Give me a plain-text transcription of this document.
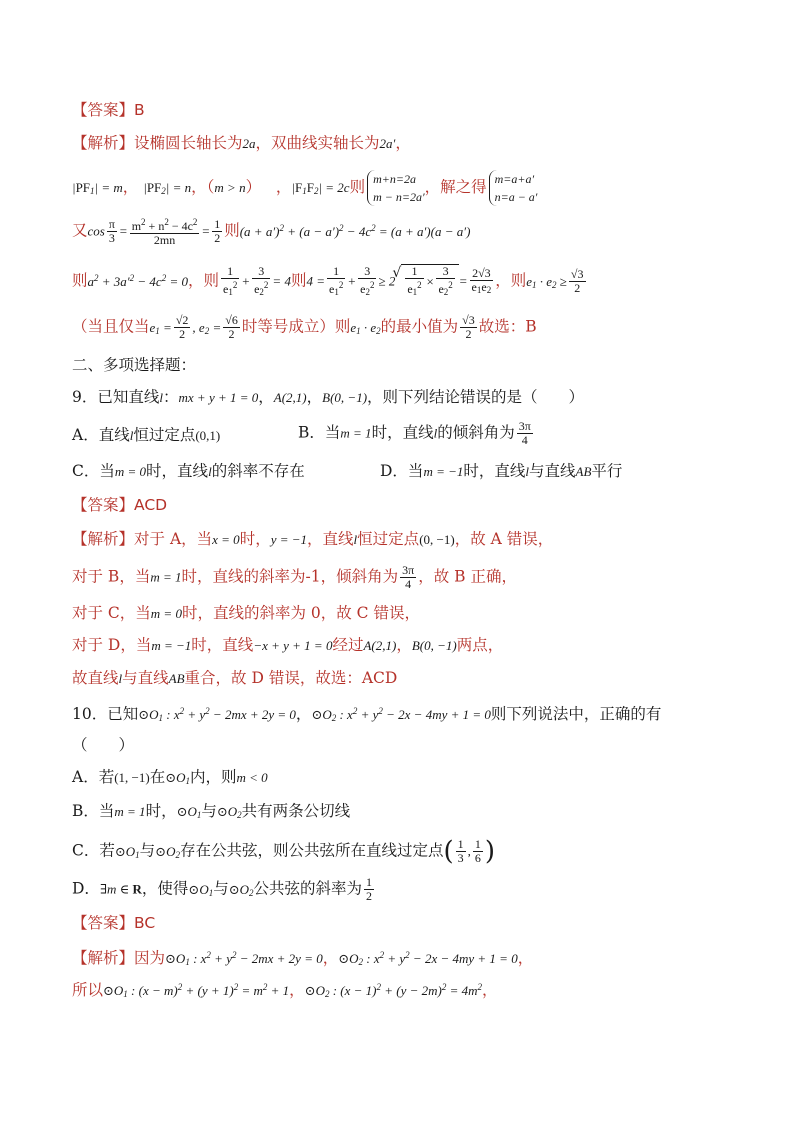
【答案】B
【解析】设椭圆长轴长为2a，双曲线实轴长为2a′，
|PF1| = m， |PF2| = n，（m > n） ，|F1F2| = 2c则 m+n=2a
m − n=2a′
，解之得 m=a+a′
n=a − a′
又$\cos \frac{\pi}{3} = \frac{m^2 + n^2 - 4c^2}{2mn} = \frac{1}{2}$ 则$(a + a')^2 + (a - a')^2 - 4c^2 = (a + a')(a - a')$
则$a^2 + 3a'^2 - 4c^2 = 0$，则 $\frac{1}{e1^2} + \frac{3}{e2^2} = 4$则$4 = \frac{1}{e1^2} + \frac{3}{e2^2} \ge 2$
√ $\frac{1}{e1^2} \times \frac{3}{e2^2} = \frac{2√3}{e1e2}$ ，则$e1 \cdot e2 \ge \frac{√3}{2}$
（当且仅当$e1 = \frac{√2}{2}$ , $e2 = \frac{√6}{2}$ 时等号成立）则e1 · e2的最小值为 $\frac{√3}{2}$ 故选：B
二、多项选择题：
9．已知直线l：mx + y + 1 = 0，A(2,1)，B(0, −1)，则下列结论错误的是（　　）
A．直线l恒过定点(0,1)	B．当m = 1时，直线l的倾斜角为 $\frac{3\pi}{4}$
C．当m = 0时，直线l的斜率不存在	D．当m = −1时，直线l与直线AB平行
【答案】ACD
【解析】对于 A，当x = 0时，y = −1，直线l恒过定点(0, −1)，故 A 错误，
对于 B，当m = 1时，直线的斜率为-1，倾斜角为 $\frac{3\pi}{4}$ ，故 B 正确，
对于 C，当m = 0时，直线的斜率为 0，故 C 错误，
对于 D，当m = −1时，直线−x + y + 1 = 0经过A(2,1)，B(0, −1)两点，
故直线l与直线AB重合，故 D 错误，故选：ACD
10．已知⊙O1 : $x^2 + y^2 - 2mx + 2y = 0$，⊙O2 : $x^2 + y^2 - 2x - 4my + 1 = 0$则下列说法中，正确的有
（　　）
A．若(1, −1)在⊙O1内，则m < 0
B．当m = 1时，⊙O1与⊙O2共有两条公切线
C．若⊙O1与⊙O2存在公共弦，则公共弦所在直线过定点( $\frac{1}{3}$ , $\frac{1}{6}$ )
D．∃m ∈ R，使得⊙O1与⊙O2公共弦的斜率为 $\frac{1}{2}$
【答案】BC
【解析】因为⊙O1 : $x^2 + y^2 - 2mx + 2y = 0$，⊙O2 : $x^2 + y^2 - 2x - 4my + 1 = 0$，
所以⊙O1 : $(x - m)^2 + (y + 1)^2 = m^2 + 1$，⊙O2 : $(x - 1)^2 + (y - 2m)^2 = 4m^2$，
